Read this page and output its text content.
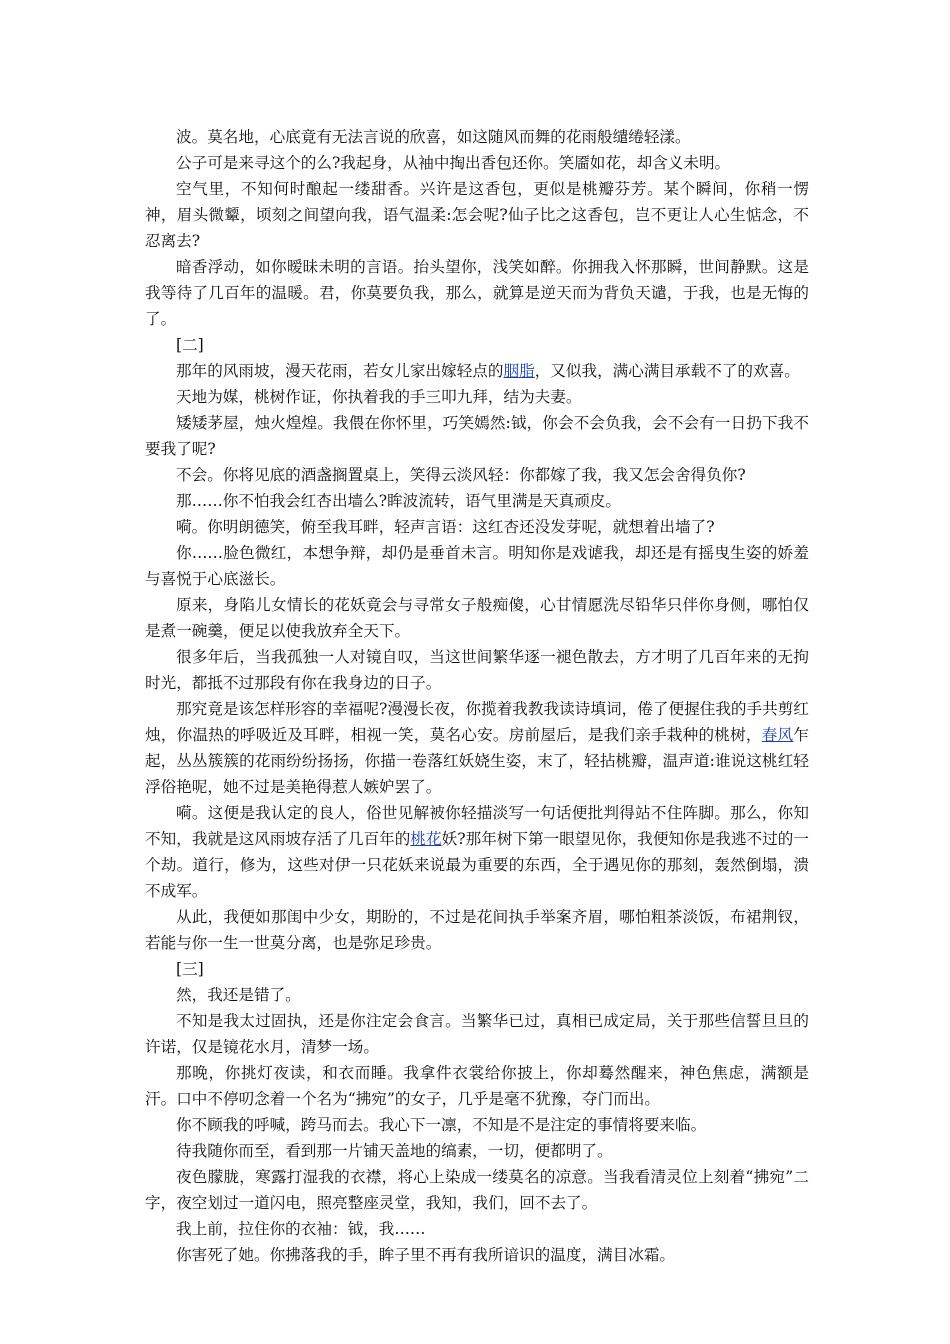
波。莫名地，心底竟有无法言说的欣喜，如这随风而舞的花雨般缱绻轻漾。

公子可是来寻这个的么?我起身，从袖中掏出香包还你。笑靥如花，却含义未明。

空气里，不知何时酿起一缕甜香。兴许是这香包，更似是桃瓣芬芳。某个瞬间，你稍一愣神，眉头微颦，顷刻之间望向我，语气温柔:怎会呢?仙子比之这香包，岂不更让人心生惦念，不忍离去?

暗香浮动，如你暧昧未明的言语。抬头望你，浅笑如醉。你拥我入怀那瞬，世间静默。这是我等待了几百年的温暖。君，你莫要负我，那么，就算是逆天而为背负天谴，于我，也是无悔的了。

[二]

那年的风雨坡，漫天花雨，若女儿家出嫁轻点的胭脂，又似我，满心满目承载不了的欢喜。

天地为媒，桃树作证，你执着我的手三叩九拜，结为夫妻。

矮矮茅屋，烛火煌煌。我偎在你怀里，巧笑嫣然:钺，你会不会负我，会不会有一日扔下我不要我了呢?

不会。你将见底的酒盏搁置桌上，笑得云淡风轻：你都嫁了我，我又怎会舍得负你?

那……你不怕我会红杏出墙么?眸波流转，语气里满是天真顽皮。

嗬。你明朗德笑，俯至我耳畔，轻声言语：这红杏还没发芽呢，就想着出墙了?

你……脸色微红，本想争辩，却仍是垂首未言。明知你是戏谑我，却还是有摇曳生姿的娇羞与喜悦于心底滋长。

原来，身陷儿女情长的花妖竟会与寻常女子般痴傻，心甘情愿洗尽铅华只伴你身侧，哪怕仅是煮一碗羹，便足以使我放弃全天下。

很多年后，当我孤独一人对镜自叹，当这世间繁华逐一褪色散去，方才明了几百年来的无拘时光，都抵不过那段有你在我身边的日子。

那究竟是该怎样形容的幸福呢?漫漫长夜，你揽着我教我读诗填词，倦了便握住我的手共剪红烛，你温热的呼吸近及耳畔，相视一笑，莫名心安。房前屋后，是我们亲手栽种的桃树，春风乍起，丛丛簇簇的花雨纷纷扬扬，你描一卷落红妖娆生姿，末了，轻拈桃瓣，温声道:谁说这桃红轻浮俗艳呢，她不过是美艳得惹人嫉妒罢了。

嗬。这便是我认定的良人，俗世见解被你轻描淡写一句话便批判得站不住阵脚。那么，你知不知，我就是这风雨坡存活了几百年的桃花妖?那年树下第一眼望见你，我便知你是我逃不过的一个劫。道行，修为，这些对伊一只花妖来说最为重要的东西，全于遇见你的那刻，轰然倒塌，溃不成军。

从此，我便如那闺中少女，期盼的，不过是花间执手举案齐眉，哪怕粗茶淡饭，布裙荆钗，若能与你一生一世莫分离，也是弥足珍贵。

[三]

然，我还是错了。

不知是我太过固执，还是你注定会食言。当繁华已过，真相已成定局，关于那些信誓旦旦的许诺，仅是镜花水月，清梦一场。

那晚，你挑灯夜读，和衣而睡。我拿件衣裳给你披上，你却蓦然醒来，神色焦虑，满额是汗。口中不停叨念着一个名为“拂宛”的女子，几乎是毫不犹豫，夺门而出。

你不顾我的呼喊，跨马而去。我心下一凛，不知是不是注定的事情将要来临。

待我随你而至，看到那一片铺天盖地的缟素，一切，便都明了。

夜色朦胧，寒露打湿我的衣襟，将心上染成一缕莫名的凉意。当我看清灵位上刻着“拂宛”二字，夜空划过一道闪电，照亮整座灵堂，我知，我们，回不去了。

我上前，拉住你的衣袖：钺，我……

你害死了她。你拂落我的手，眸子里不再有我所谙识的温度，满目冰霜。
